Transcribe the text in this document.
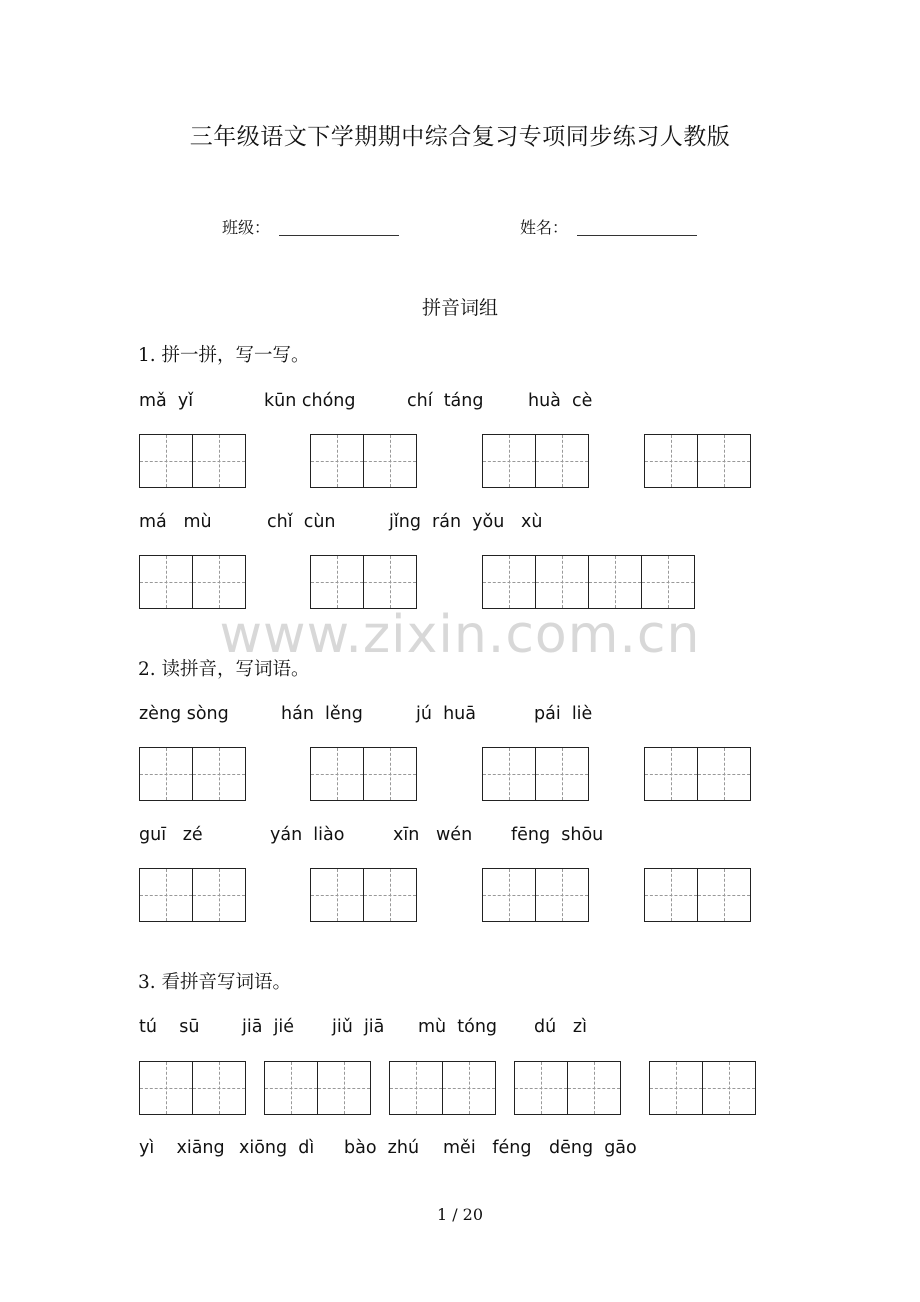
三年级语文下学期期中综合复习专项同步练习人教版
班级：	姓名：
拼音词组
1. 拼一拼，写一写。
mǎ  yǐ	kūn chóng	chí  táng	huà  cè
má   mù	chǐ  cùn	jǐng  rán  yǒu   xù
www.zixin.com.cn
2. 读拼音，写词语。
zèng sòng	hán  lěng	jú  huā	pái  liè
guī   zé	yán  liào	xīn   wén fēng  shōu
3. 看拼音写词语。
tú    sū jiā  jié jiǔ  jiā mù  tóng dú   zì
yì    xiāng xiōng  dì bào  zhú měi   féng dēng  gāo
1 / 20
